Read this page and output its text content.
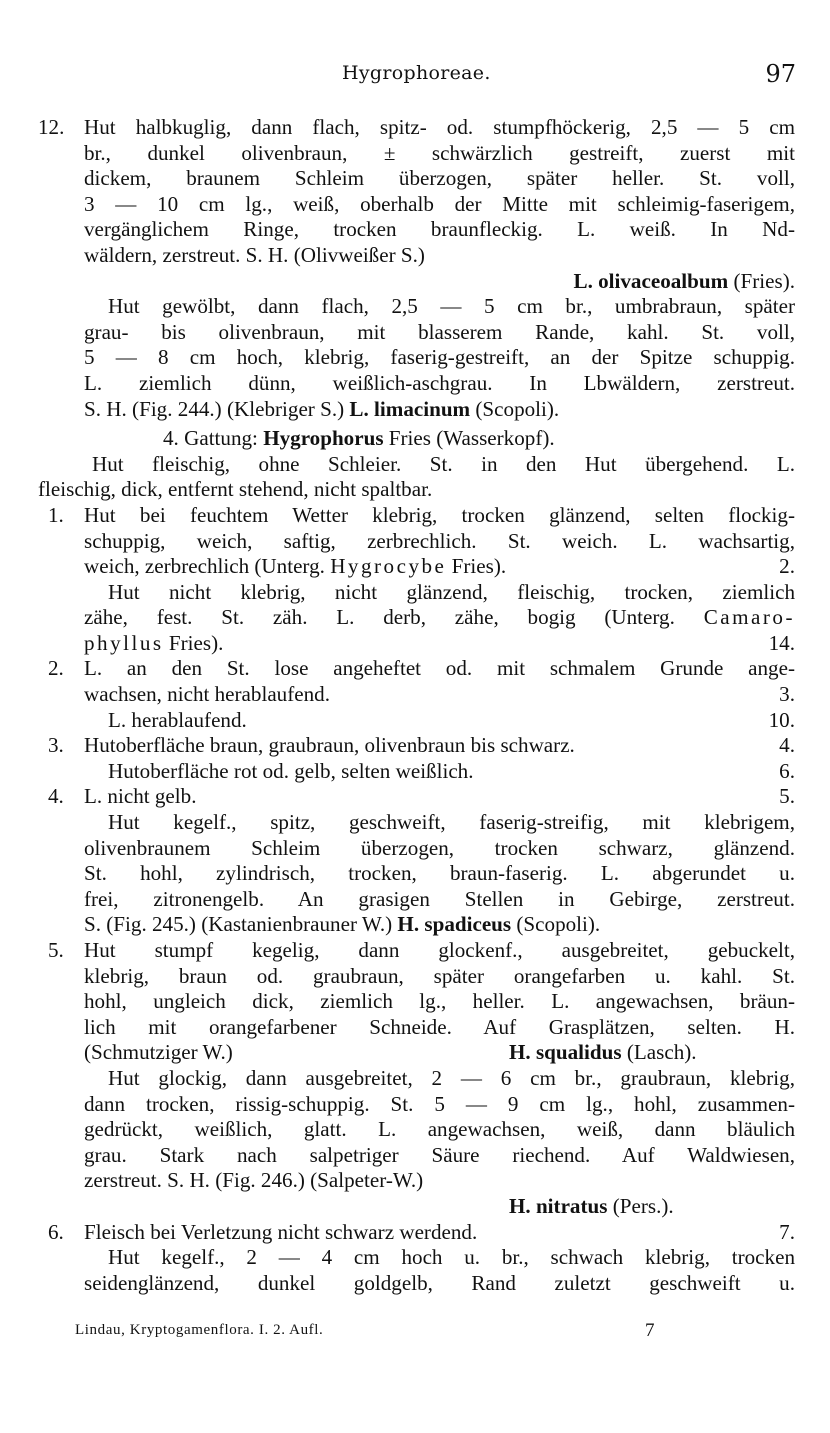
Hygrophoreae.	97
12. Hut halbkuglig, dann flach, spitz- od. stumpfhöckerig, 2,5 — 5 cm
br., dunkel olivenbraun, ± schwärzlich gestreift, zuerst mit
dickem, braunem Schleim überzogen, später heller. St. voll,
3 — 10 cm lg., weiß, oberhalb der Mitte mit schleimig-faserigem,
vergänglichem Ringe, trocken braunfleckig. L. weiß. In Nd-
wäldern, zerstreut. S. H. (Olivweißer S.)
L. olivaceoalbum (Fries).
Hut gewölbt, dann flach, 2,5 — 5 cm br., umbrabraun, später
grau- bis olivenbraun, mit blasserem Rande, kahl. St. voll,
5 — 8 cm hoch, klebrig, faserig-gestreift, an der Spitze schuppig.
L. ziemlich dünn, weißlich-aschgrau. In Lbwäldern, zerstreut.
S. H. (Fig. 244.) (Klebriger S.) L. limacinum (Scopoli).
4. Gattung: Hygrophorus Fries (Wasserkopf).
Hut fleischig, ohne Schleier. St. in den Hut übergehend. L.
fleischig, dick, entfernt stehend, nicht spaltbar.
1. Hut bei feuchtem Wetter klebrig, trocken glänzend, selten flockig-
schuppig, weich, saftig, zerbrechlich. St. weich. L. wachsartig,
weich, zerbrechlich (Unterg. Hygrocybe Fries).	2.
Hut nicht klebrig, nicht glänzend, fleischig, trocken, ziemlich
zähe, fest. St. zäh. L. derb, zähe, bogig (Unterg. Camaro-
phyllus Fries).	14.
2. L. an den St. lose angeheftet od. mit schmalem Grunde ange-
wachsen, nicht herablaufend.	3.
L. herablaufend.	10.
3. Hutoberfläche braun, graubraun, olivenbraun bis schwarz.	4.
Hutoberfläche rot od. gelb, selten weißlich.	6.
4. L. nicht gelb.	5.
Hut kegelf., spitz, geschweift, faserig-streifig, mit klebrigem,
olivenbraunem Schleim überzogen, trocken schwarz, glänzend.
St. hohl, zylindrisch, trocken, braun-faserig. L. abgerundet u.
frei, zitronengelb. An grasigen Stellen in Gebirge, zerstreut.
S. (Fig. 245.) (Kastanienbrauner W.) H. spadiceus (Scopoli).
5. Hut stumpf kegelig, dann glockenf., ausgebreitet, gebuckelt,
klebrig, braun od. graubraun, später orangefarben u. kahl. St.
hohl, ungleich dick, ziemlich lg., heller. L. angewachsen, bräun-
lich mit orangefarbener Schneide. Auf Grasplätzen, selten. H.
(Schmutziger W.)	H. squalidus (Lasch).
Hut glockig, dann ausgebreitet, 2 — 6 cm br., graubraun, klebrig,
dann trocken, rissig-schuppig. St. 5 — 9 cm lg., hohl, zusammen-
gedrückt, weißlich, glatt. L. angewachsen, weiß, dann bläulich
grau. Stark nach salpetriger Säure riechend. Auf Waldwiesen,
zerstreut. S. H. (Fig. 246.) (Salpeter-W.)
H. nitratus (Pers.).
6. Fleisch bei Verletzung nicht schwarz werdend.	7.
Hut kegelf., 2 — 4 cm hoch u. br., schwach klebrig, trocken
seidenglänzend, dunkel goldgelb, Rand zuletzt geschweift u.
Lindau, Kryptogamenflora. I. 2. Aufl.	7
